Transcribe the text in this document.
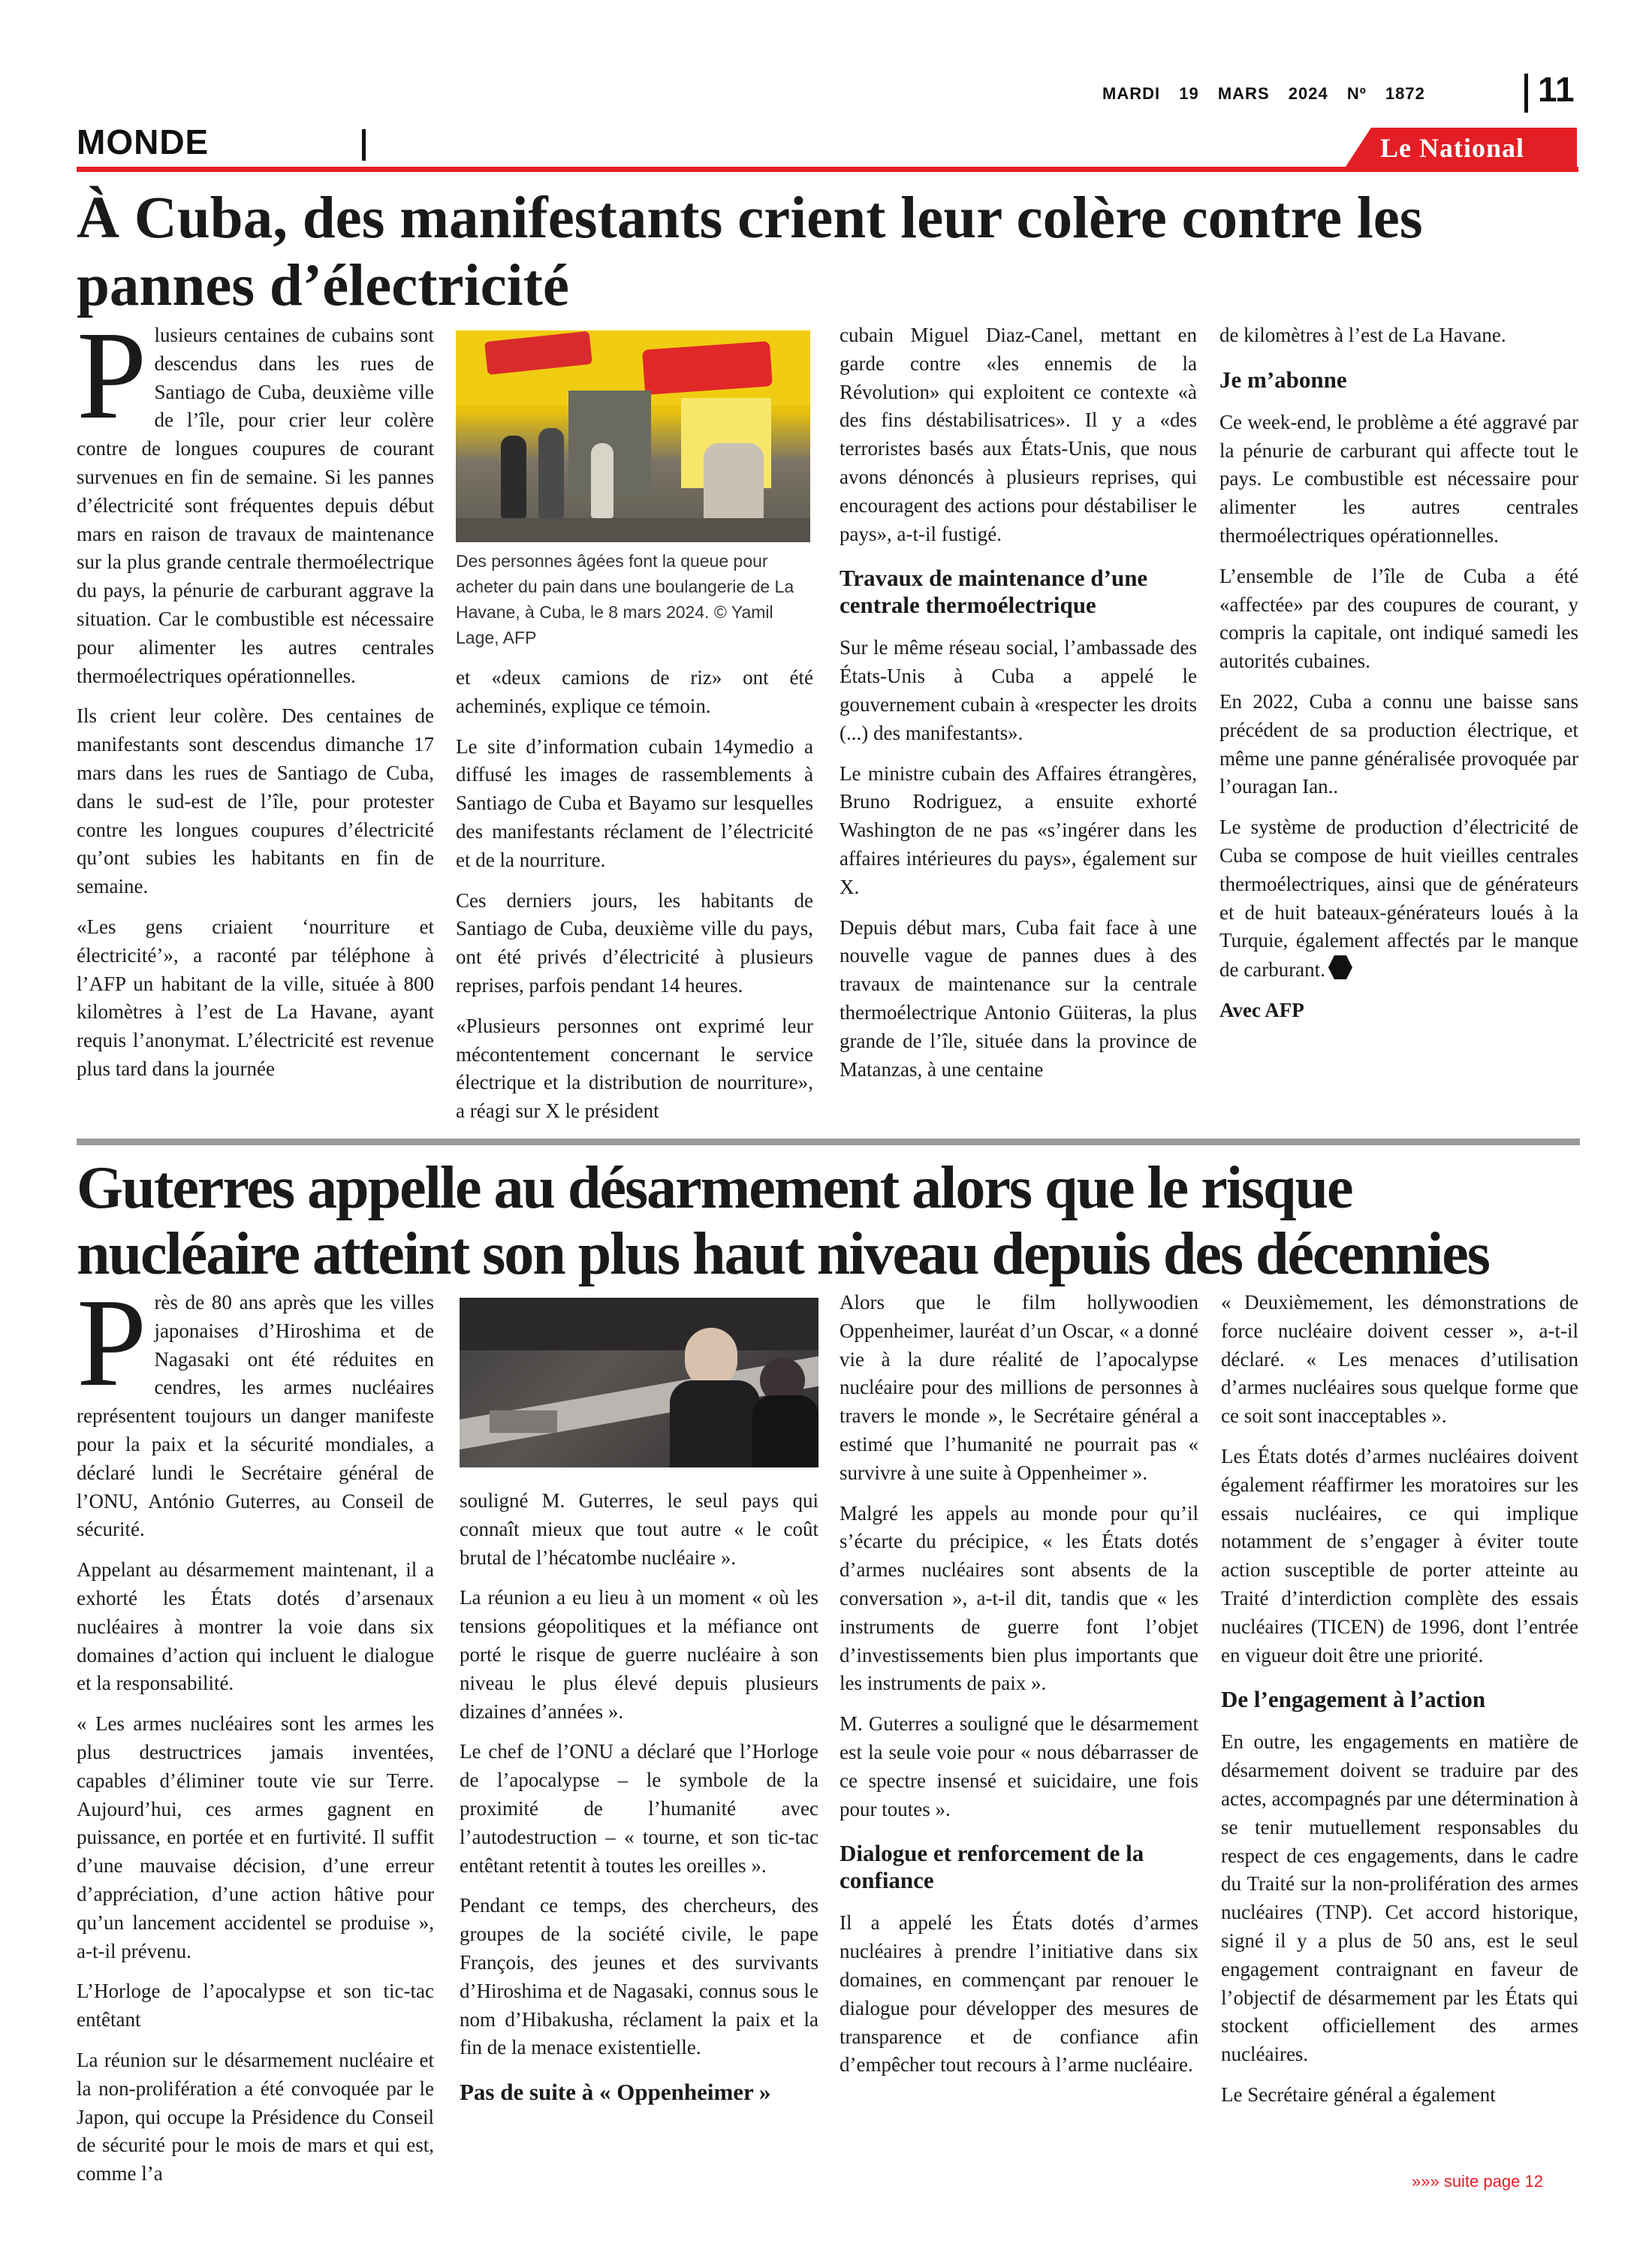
MARDI 19 MARS 2024 Nº 1872	11
MONDE	Le National
À Cuba, des manifestants crient leur colère contre les pannes d’électricité

Plusieurs centaines de cubains sont descendus dans les rues de Santiago de Cuba, deuxième ville de l’île, pour crier leur colère contre de longues coupures de courant survenues en fin de semaine. Si les pannes d’électricité sont fréquentes depuis début mars en raison de travaux de maintenance sur la plus grande centrale thermoélectrique du pays, la pénurie de carburant aggrave la situation. Car le combustible est nécessaire pour alimenter les autres centrales thermoélectriques opérationnelles.

Ils crient leur colère. Des centaines de manifestants sont descendus dimanche 17 mars dans les rues de Santiago de Cuba, dans le sud-est de l’île, pour protester contre les longues coupures d’électricité qu’ont subies les habitants en fin de semaine.

«Les gens criaient ‘nourriture et électricité’», a raconté par téléphone à l’AFP un habitant de la ville, située à 800 kilomètres à l’est de La Havane, ayant requis l’anonymat. L’électricité est revenue plus tard dans la journée

Des personnes âgées font la queue pour acheter du pain dans une boulangerie de La Havane, à Cuba, le 8 mars 2024. © Yamil Lage, AFP

et «deux camions de riz» ont été acheminés, explique ce témoin.

Le site d’information cubain 14ymedio a diffusé les images de rassemblements à Santiago de Cuba et Bayamo sur lesquelles des manifestants réclament de l’électricité et de la nourriture.

Ces derniers jours, les habitants de Santiago de Cuba, deuxième ville du pays, ont été privés d’électricité à plusieurs reprises, parfois pendant 14 heures.

«Plusieurs personnes ont exprimé leur mécontentement concernant le service électrique et la distribution de nourriture», a réagi sur X le président

cubain Miguel Diaz-Canel, mettant en garde contre «les ennemis de la Révolution» qui exploitent ce contexte «à des fins déstabilisatrices». Il y a «des terroristes basés aux États-Unis, que nous avons dénoncés à plusieurs reprises, qui encouragent des actions pour déstabiliser le pays», a-t-il fustigé.

Travaux de maintenance d’une centrale thermoélectrique

Sur le même réseau social, l’ambassade des États-Unis à Cuba a appelé le gouvernement cubain à «respecter les droits (...) des manifestants».

Le ministre cubain des Affaires étrangères, Bruno Rodriguez, a ensuite exhorté Washington de ne pas «s’ingérer dans les affaires intérieures du pays», également sur X.

Depuis début mars, Cuba fait face à une nouvelle vague de pannes dues à des travaux de maintenance sur la centrale thermoélectrique Antonio Güiteras, la plus grande de l’île, située dans la province de Matanzas, à une centaine

de kilomètres à l’est de La Havane.

Je m’abonne

Ce week-end, le problème a été aggravé par la pénurie de carburant qui affecte tout le pays. Le combustible est nécessaire pour alimenter les autres centrales thermoélectriques opérationnelles.

L’ensemble de l’île de Cuba a été «affectée» par des coupures de courant, y compris la capitale, ont indiqué samedi les autorités cubaines.

En 2022, Cuba a connu une baisse sans précédent de sa production électrique, et même une panne généralisée provoquée par l’ouragan Ian..

Le système de production d’électricité de Cuba se compose de huit vieilles centrales thermoélectriques, ainsi que de générateurs et de huit bateaux-générateurs loués à la Turquie, également affectés par le manque de carburant.

Avec AFP

Guterres appelle au désarmement alors que le risque nucléaire atteint son plus haut niveau depuis des décennies

Près de 80 ans après que les villes japonaises d’Hiroshima et de Nagasaki ont été réduites en cendres, les armes nucléaires représentent toujours un danger manifeste pour la paix et la sécurité mondiales, a déclaré lundi le Secrétaire général de l’ONU, António Guterres, au Conseil de sécurité.

Appelant au désarmement maintenant, il a exhorté les États dotés d’arsenaux nucléaires à montrer la voie dans six domaines d’action qui incluent le dialogue et la responsabilité.

« Les armes nucléaires sont les armes les plus destructrices jamais inventées, capables d’éliminer toute vie sur Terre. Aujourd’hui, ces armes gagnent en puissance, en portée et en furtivité. Il suffit d’une mauvaise décision, d’une erreur d’appréciation, d’une action hâtive pour qu’un lancement accidentel se produise », a-t-il prévenu.

L’Horloge de l’apocalypse et son tic-tac entêtant

La réunion sur le désarmement nucléaire et la non-prolifération a été convoquée par le Japon, qui occupe la Présidence du Conseil de sécurité pour le mois de mars et qui est, comme l’a

souligné M. Guterres, le seul pays qui connaît mieux que tout autre « le coût brutal de l’hécatombe nucléaire ».

La réunion a eu lieu à un moment « où les tensions géopolitiques et la méfiance ont porté le risque de guerre nucléaire à son niveau le plus élevé depuis plusieurs dizaines d’années ».

Le chef de l’ONU a déclaré que l’Horloge de l’apocalypse – le symbole de la proximité de l’humanité avec l’autodestruction – « tourne, et son tic-tac entêtant retentit à toutes les oreilles ».

Pendant ce temps, des chercheurs, des groupes de la société civile, le pape François, des jeunes et des survivants d’Hiroshima et de Nagasaki, connus sous le nom d’Hibakusha, réclament la paix et la fin de la menace existentielle.

Pas de suite à « Oppenheimer »

Alors que le film hollywoodien Oppenheimer, lauréat d’un Oscar, « a donné vie à la dure réalité de l’apocalypse nucléaire pour des millions de personnes à travers le monde », le Secrétaire général a estimé que l’humanité ne pourrait pas « survivre à une suite à Oppenheimer ».

Malgré les appels au monde pour qu’il s’écarte du précipice, « les États dotés d’armes nucléaires sont absents de la conversation », a-t-il dit, tandis que « les instruments de guerre font l’objet d’investissements bien plus importants que les instruments de paix ».

M. Guterres a souligné que le désarmement est la seule voie pour « nous débarrasser de ce spectre insensé et suicidaire, une fois pour toutes ».

Dialogue et renforcement de la confiance

Il a appelé les États dotés d’armes nucléaires à prendre l’initiative dans six domaines, en commençant par renouer le dialogue pour développer des mesures de transparence et de confiance afin d’empêcher tout recours à l’arme nucléaire.

« Deuxièmement, les démonstrations de force nucléaire doivent cesser », a-t-il déclaré. « Les menaces d’utilisation d’armes nucléaires sous quelque forme que ce soit sont inacceptables ».

Les États dotés d’armes nucléaires doivent également réaffirmer les moratoires sur les essais nucléaires, ce qui implique notamment de s’engager à éviter toute action susceptible de porter atteinte au Traité d’interdiction complète des essais nucléaires (TICEN) de 1996, dont l’entrée en vigueur doit être une priorité.

De l’engagement à l’action

En outre, les engagements en matière de désarmement doivent se traduire par des actes, accompagnés par une détermination à se tenir mutuellement responsables du respect de ces engagements, dans le cadre du Traité sur la non-prolifération des armes nucléaires (TNP). Cet accord historique, signé il y a plus de 50 ans, est le seul engagement contraignant en faveur de l’objectif de désarmement par les États qui stockent officiellement des armes nucléaires.

Le Secrétaire général a également

»»» suite page 12
